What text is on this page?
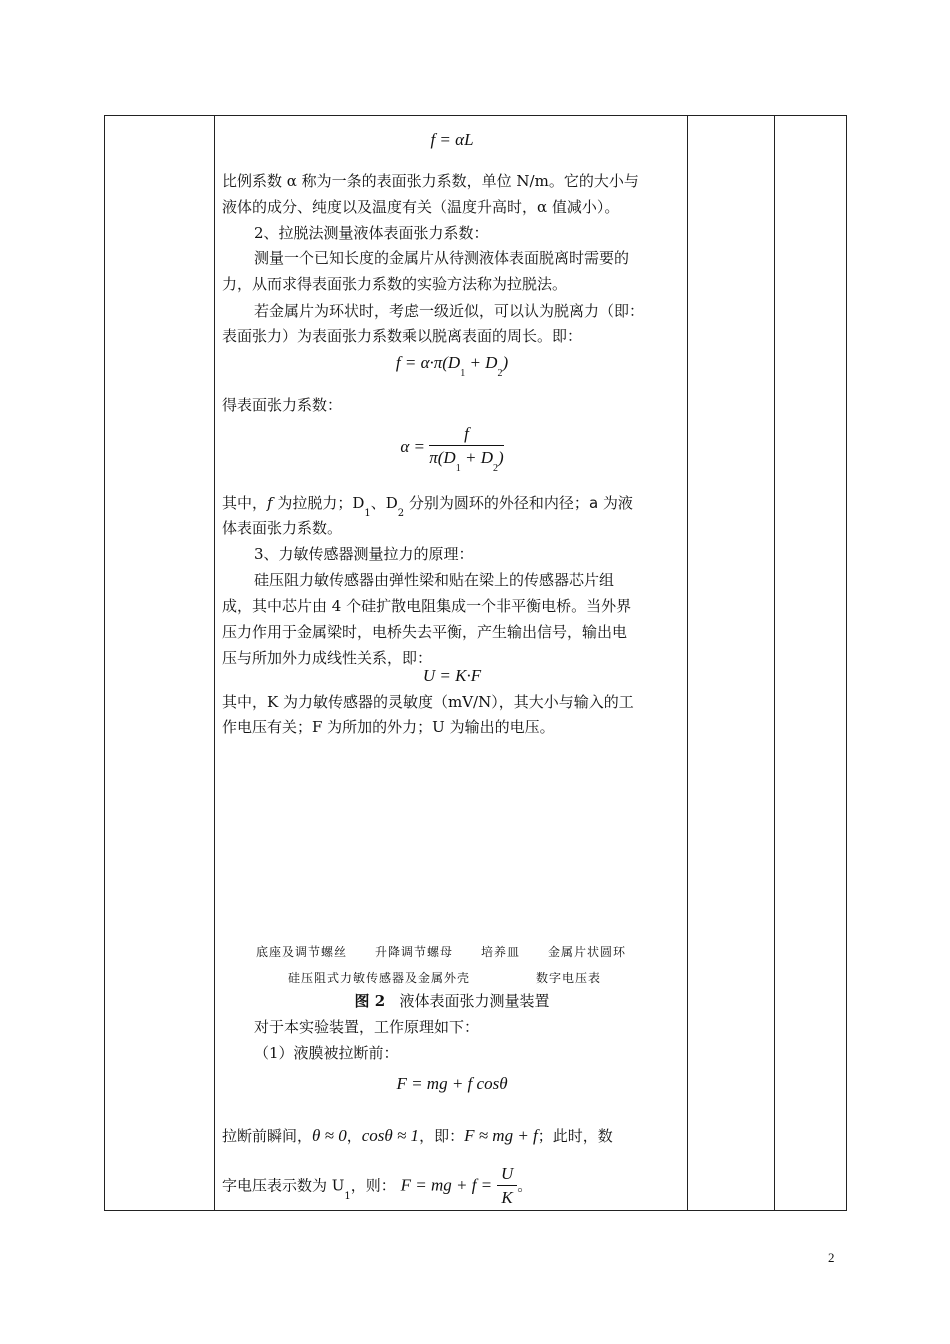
f = αL
比例系数 α 称为一条的表面张力系数，单位 N/m。它的大小与
液体的成分、纯度以及温度有关（温度升高时，α 值减小）。
2、拉脱法测量液体表面张力系数：
测量一个已知长度的金属片从待测液体表面脱离时需要的
力，从而求得表面张力系数的实验方法称为拉脱法。
若金属片为环状时，考虑一级近似，可以认为脱离力（即：
表面张力）为表面张力系数乘以脱离表面的周长。即：
$f = \alpha\cdot\pi(D_1 + D_2)$
得表面张力系数：
$\alpha = \frac{f}{\pi(D_1 + D_2)}$
其中，f 为拉脱力；$D_1$、$D_2$ 分别为圆环的外径和内径；a 为液
体表面张力系数。
3、力敏传感器测量拉力的原理：
硅压阻力敏传感器由弹性梁和贴在梁上的传感器芯片组
成，其中芯片由 4 个硅扩散电阻集成一个非平衡电桥。当外界
压力作用于金属梁时，电桥失去平衡，产生输出信号，输出电
压与所加外力成线性关系，即：
U = K·F
其中，K 为力敏传感器的灵敏度（mV/N），其大小与输入的工
作电压有关；F 为所加的外力；U 为输出的电压。
底座及调节螺丝 升降调节螺母 培养皿 金属片状圆环
硅压阻式力敏传感器及金属外壳	数字电压表
图 2 液体表面张力测量装置
对于本实验装置，工作原理如下：
（1）液膜被拉断前：
F = mg + f cosθ
拉断前瞬间，θ ≈ 0，cosθ ≈ 1，即：F ≈ mg + f；此时，数
字电压表示数为 $U_1$，则： F = mg + $f = \frac{U}{K}$ 。
2
